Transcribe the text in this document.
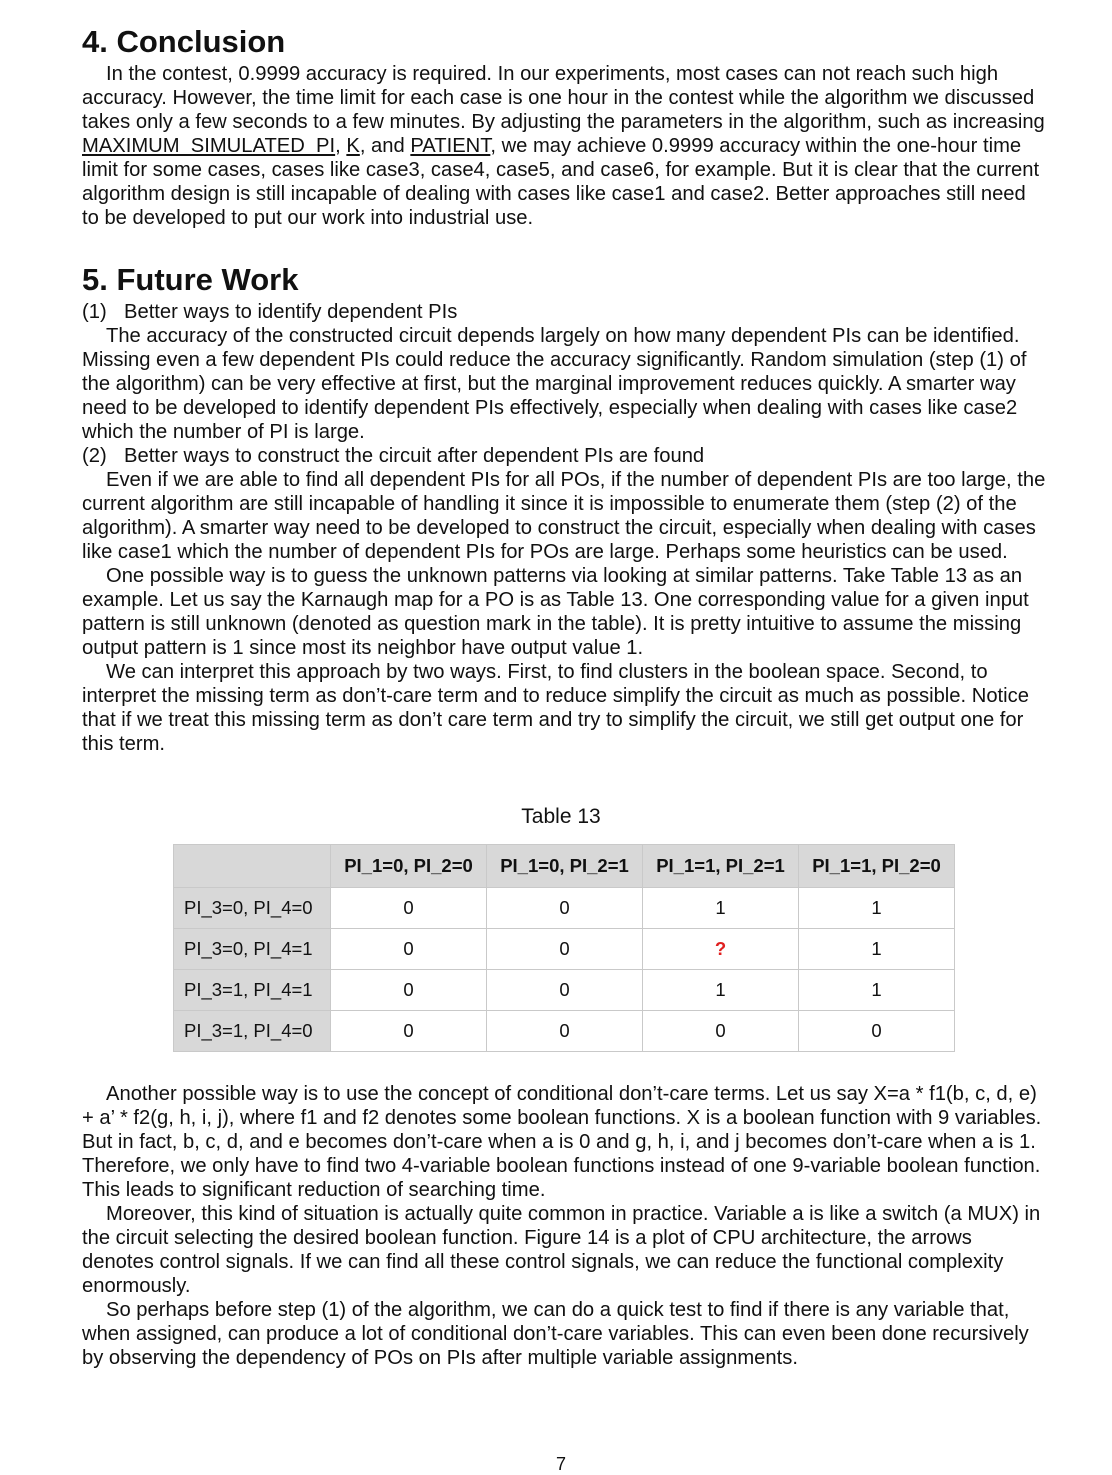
4. Conclusion

In the contest, 0.9999 accuracy is required. In our experiments, most cases can not reach such high accuracy. However, the time limit for each case is one hour in the contest while the algorithm we discussed takes only a few seconds to a few minutes. By adjusting the parameters in the algorithm, such as increasing MAXIMUM_SIMULATED_PI, K, and PATIENT, we may achieve 0.9999 accuracy within the one-hour time limit for some cases, cases like case3, case4, case5, and case6, for example. But it is clear that the current algorithm design is still incapable of dealing with cases like case1 and case2. Better approaches still need to be developed to put our work into industrial use.

5. Future Work
(1) Better ways to identify dependent PIs

The accuracy of the constructed circuit depends largely on how many dependent PIs can be identified. Missing even a few dependent PIs could reduce the accuracy significantly. Random simulation (step (1) of the algorithm) can be very effective at first, but the marginal improvement reduces quickly. A smarter way need to be developed to identify dependent PIs effectively, especially when dealing with cases like case2 which the number of PI is large.

(2) Better ways to construct the circuit after dependent PIs are found

Even if we are able to find all dependent PIs for all POs, if the number of dependent PIs are too large, the current algorithm are still incapable of handling it since it is impossible to enumerate them (step (2) of the algorithm). A smarter way need to be developed to construct the circuit, especially when dealing with cases like case1 which the number of dependent PIs for POs are large. Perhaps some heuristics can be used.

One possible way is to guess the unknown patterns via looking at similar patterns. Take Table 13 as an example. Let us say the Karnaugh map for a PO is as Table 13. One corresponding value for a given input pattern is still unknown (denoted as question mark in the table). It is pretty intuitive to assume the missing output pattern is 1 since most its neighbor have output value 1.

We can interpret this approach by two ways. First, to find clusters in the boolean space. Second, to interpret the missing term as don’t-care term and to reduce simplify the circuit as much as possible. Notice that if we treat this missing term as don’t care term and try to simplify the circuit, we still get output one for this term.

Table 13
	PI_1=0, PI_2=0	PI_1=0, PI_2=1	PI_1=1, PI_2=1	PI_1=1, PI_2=0
PI_3=0, PI_4=0	0	0	1	1
PI_3=0, PI_4=1	0	0	?	1
PI_3=1, PI_4=1	0	0	1	1
PI_3=1, PI_4=0	0	0	0	0

Another possible way is to use the concept of conditional don’t-care terms. Let us say X=a * f1(b, c, d, e) + a’ * f2(g, h, i, j), where f1 and f2 denotes some boolean functions. X is a boolean function with 9 variables. But in fact, b, c, d, and e becomes don’t-care when a is 0 and g, h, i, and j becomes don’t-care when a is 1. Therefore, we only have to find two 4-variable boolean functions instead of one 9-variable boolean function. This leads to significant reduction of searching time.

Moreover, this kind of situation is actually quite common in practice. Variable a is like a switch (a MUX) in the circuit selecting the desired boolean function. Figure 14 is a plot of CPU architecture, the arrows denotes control signals. If we can find all these control signals, we can reduce the functional complexity enormously.

So perhaps before step (1) of the algorithm, we can do a quick test to find if there is any variable that, when assigned, can produce a lot of conditional don’t-care variables. This can even been done recursively by observing the dependency of POs on PIs after multiple variable assignments.

7
